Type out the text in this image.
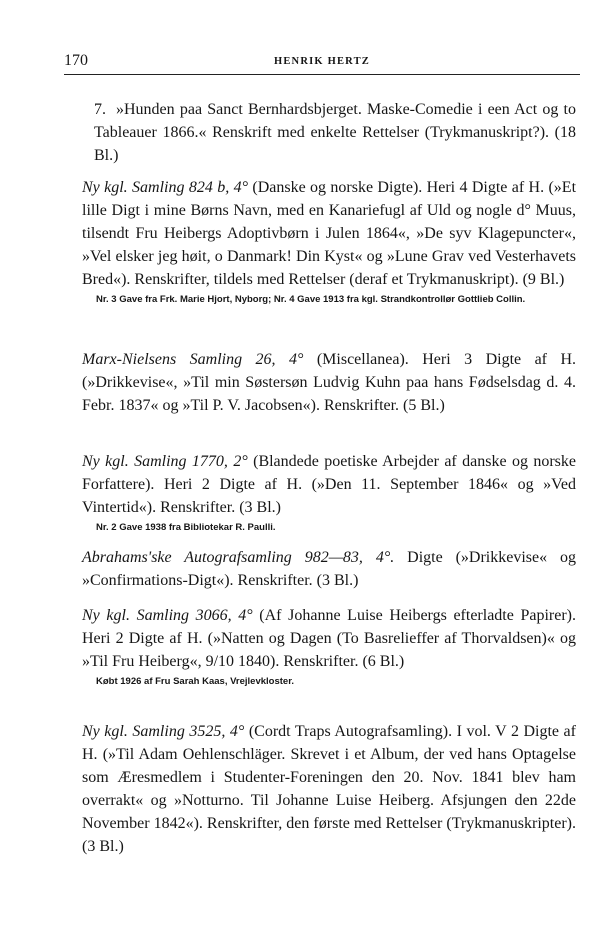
170	HENRIK HERTZ
7. »Hunden paa Sanct Bernhardsbjerget. Maske-Comedie i een Act og to Tableauer 1866.« Renskrift med enkelte Rettelser (Trykmanuskript?). (18 Bl.)
Ny kgl. Samling 824 b, 4° (Danske og norske Digte). Heri 4 Digte af H. (»Et lille Digt i mine Børns Navn, med en Kanariefugl af Uld og nogle d° Muus, tilsendt Fru Heibergs Adoptivbørn i Julen 1864«, »De syv Klagepuncter«, »Vel elsker jeg høit, o Danmark! Din Kyst« og »Lune Grav ved Vesterhavets Bred«). Renskrifter, tildels med Rettelser (deraf et Trykmanuskript). (9 Bl.)
Nr. 3 Gave fra Frk. Marie Hjort, Nyborg; Nr. 4 Gave 1913 fra kgl. Strandkontrollør Gottlieb Collin.
Marx-Nielsens Samling 26, 4° (Miscellanea). Heri 3 Digte af H. (»Drikkevise«, »Til min Søstersøn Ludvig Kuhn paa hans Fødselsdag d. 4. Febr. 1837« og »Til P. V. Jacobsen«). Renskrifter. (5 Bl.)
Ny kgl. Samling 1770, 2° (Blandede poetiske Arbejder af danske og norske Forfattere). Heri 2 Digte af H. (»Den 11. September 1846« og »Ved Vintertid«). Renskrifter. (3 Bl.)
Nr. 2 Gave 1938 fra Bibliotekar R. Paulli.
Abrahams'ske Autografsamling 982—83, 4°. Digte (»Drikkevise« og »Confirmations-Digt«). Renskrifter. (3 Bl.)
Ny kgl. Samling 3066, 4° (Af Johanne Luise Heibergs efterladte Papirer). Heri 2 Digte af H. (»Natten og Dagen (To Basrelieffer af Thorvaldsen)« og »Til Fru Heiberg«, 9/10 1840). Renskrifter. (6 Bl.)
Købt 1926 af Fru Sarah Kaas, Vrejlevkloster.
Ny kgl. Samling 3525, 4° (Cordt Traps Autografsamling). I vol. V 2 Digte af H. (»Til Adam Oehlenschläger. Skrevet i et Album, der ved hans Optagelse som Æresmedlem i Studenter-Foreningen den 20. Nov. 1841 blev ham overrakt« og »Notturno. Til Johanne Luise Heiberg. Afsjungen den 22de November 1842«). Renskrifter, den første med Rettelser (Trykmanuskripter). (3 Bl.)
